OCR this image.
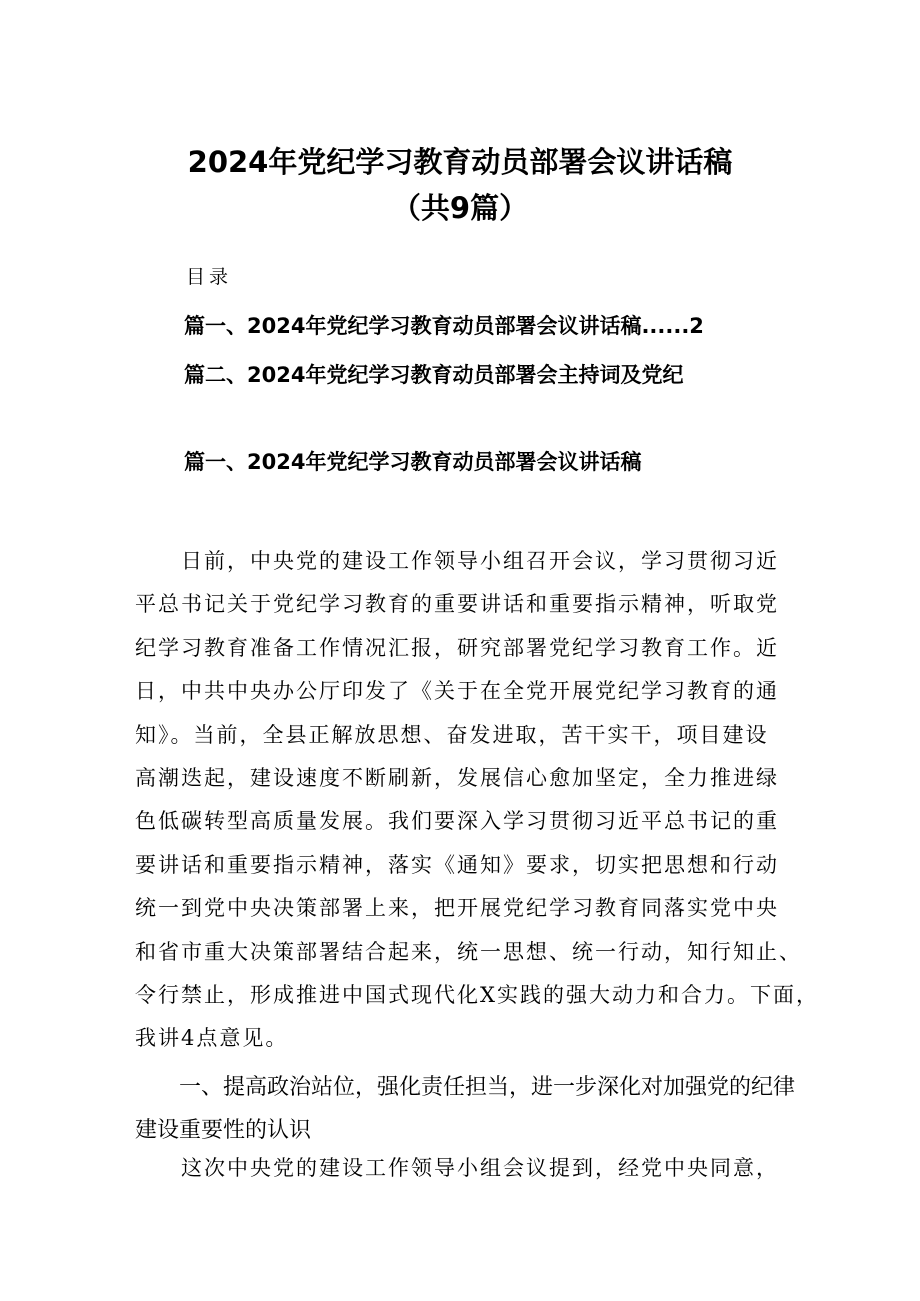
2024年党纪学习教育动员部署会议讲话稿
（共9篇）
目录
篇一、2024年党纪学习教育动员部署会议讲话稿......2
篇二、2024年党纪学习教育动员部署会主持词及党纪
篇一、2024年党纪学习教育动员部署会议讲话稿
　　日前，中央党的建设工作领导小组召开会议，学习贯彻习近
平总书记关于党纪学习教育的重要讲话和重要指示精神，听取党
纪学习教育准备工作情况汇报，研究部署党纪学习教育工作。近
日，中共中央办公厅印发了《关于在全党开展党纪学习教育的通
知》。当前，全县正解放思想、奋发进取，苦干实干，项目建设
高潮迭起，建设速度不断刷新，发展信心愈加坚定，全力推进绿
色低碳转型高质量发展。我们要深入学习贯彻习近平总书记的重
要讲话和重要指示精神，落实《通知》要求，切实把思想和行动
统一到党中央决策部署上来，把开展党纪学习教育同落实党中央
和省市重大决策部署结合起来，统一思想、统一行动，知行知止、
令行禁止，形成推进中国式现代化X实践的强大动力和合力。下面，
我讲4点意见。
　　一、提高政治站位，强化责任担当，进一步深化对加强党的纪律建设重要性的认识
　　这次中央党的建设工作领导小组会议提到，经党中央同意，
